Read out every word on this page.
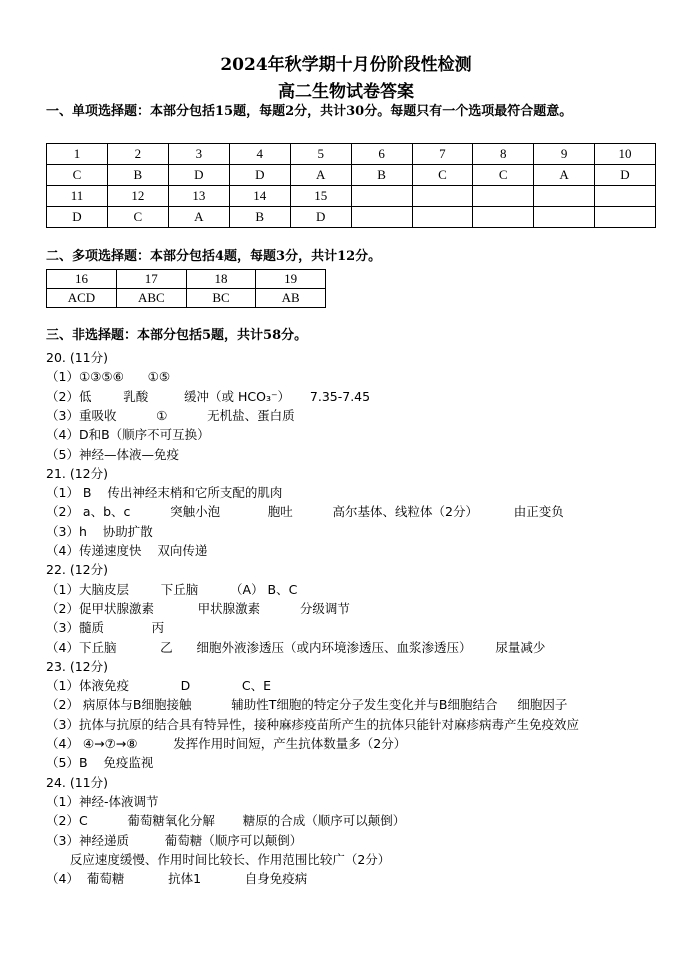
2024年秋学期十月份阶段性检测
高二生物试卷答案
一、单项选择题：本部分包括15题，每题2分，共计30分。每题只有一个选项最符合题意。
1	2	3	4	5	6	7	8	9	10
C	B	D	D	A	B	C	C	A	D
11	12	13	14	15					
D	C	A	B	D					
二、多项选择题：本部分包括4题，每题3分，共计12分。
16	17	18	19
ACD	ABC	BC	AB
三、非选择题：本部分包括5题，共计58分。
20. (11分)
（1）①③⑤⑥      ①⑤
（2）低        乳酸         缓冲（或 HCO₃⁻）     7.35-7.45
（3）重吸收          ①          无机盐、蛋白质
（4）D和B（顺序不可互换）
（5）神经—体液—免疫
21. (12分)
（1） B    传出神经末梢和它所支配的肌肉
（2） a、b、c          突触小泡            胞吐          高尔基体、线粒体（2分）         由正变负
（3）h    协助扩散
（4）传递速度快    双向传递
22. (12分)
（1）大脑皮层        下丘脑        （A） B、C
（2）促甲状腺激素           甲状腺激素          分级调节
（3）髓质            丙
（4）下丘脑           乙      细胞外液渗透压（或内环境渗透压、血浆渗透压）      尿量减少
23. (12分)
（1）体液免疫             D             C、E
（2） 病原体与B细胞接触          辅助性T细胞的特定分子发生变化并与B细胞结合     细胞因子
（3）抗体与抗原的结合具有特异性，接种麻疹疫苗所产生的抗体只能针对麻疹病毒产生免疫效应
（4） ④→⑦→⑧         发挥作用时间短，产生抗体数量多（2分）
（5）B    免疫监视
24. (11分)
（1）神经-体液调节
（2）C          葡萄糖氧化分解       糖原的合成（顺序可以颠倒）
（3）神经递质         葡萄糖（顺序可以颠倒）
反应速度缓慢、作用时间比较长、作用范围比较广（2分）
（4）  葡萄糖           抗体1           自身免疫病
